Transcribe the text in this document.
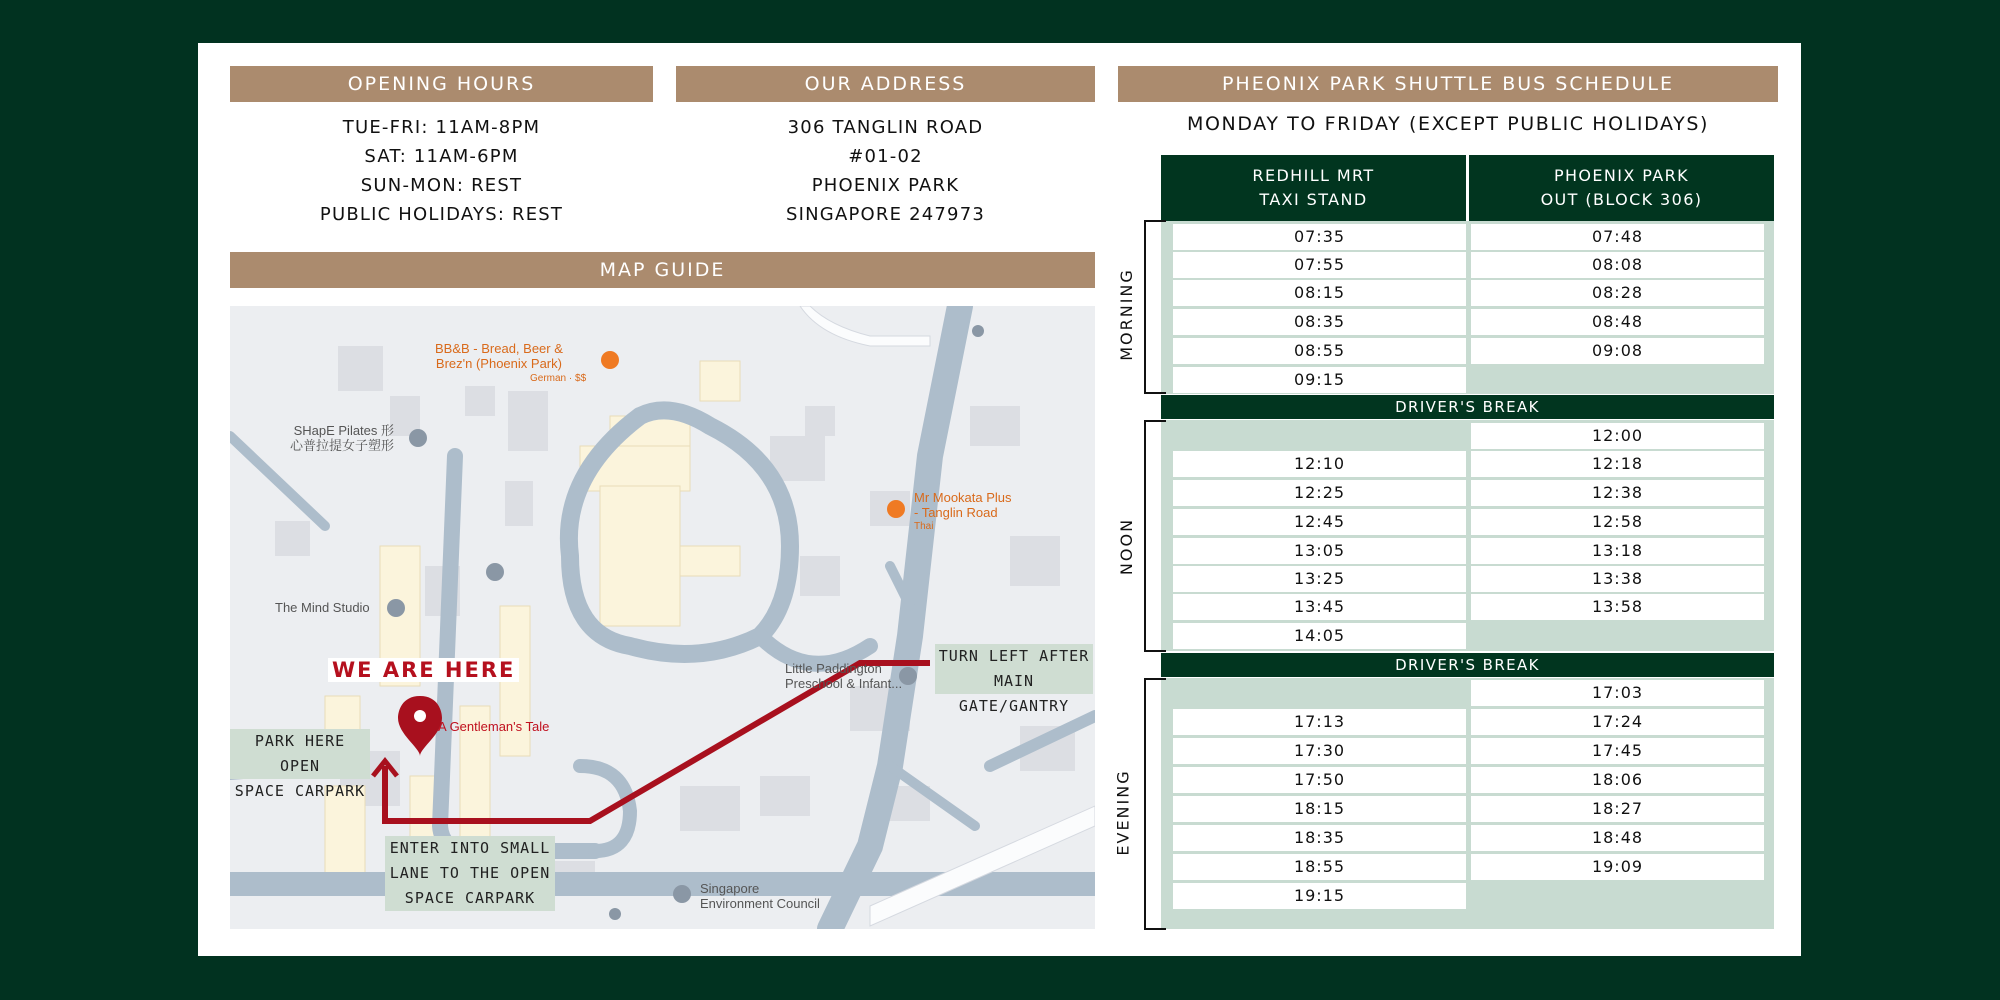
OPENING HOURS
TUE-FRI: 11AM-8PM
SAT: 11AM-6PM
SUN-MON: REST
PUBLIC HOLIDAYS: REST
OUR ADDRESS
306 TANGLIN ROAD
#01-02
PHOENIX PARK
SINGAPORE 247973
MAP GUIDE
BB&B - Bread, Beer &
Brez'n (Phoenix Park)
German · $$
SHapE Pilates 形
心普拉提女子塑形
Mr Mookata Plus
- Tanglin Road
Thai
The Mind Studio
Little Paddington
Preschool & Infant...
A Gentleman's Tale
Singapore
Environment Council
WE ARE HERE
TURN LEFT AFTER
MAIN GATE/GANTRY
PARK HERE OPEN
SPACE CARPARK
ENTER INTO SMALL
LANE TO THE OPEN
SPACE CARPARK
PHEONIX PARK SHUTTLE BUS SCHEDULE
MONDAY TO FRIDAY (EXCEPT PUBLIC HOLIDAYS)
REDHILL MRT
TAXI STAND
PHOENIX PARK
OUT (BLOCK 306)
DRIVER'S BREAK
DRIVER'S BREAK
MORNING
NOON
EVENING
07:35
07:55
08:15
08:35
08:55
09:15
07:48
08:08
08:28
08:48
09:08
12:10
12:25
12:45
13:05
13:25
13:45
14:05
12:00
12:18
12:38
12:58
13:18
13:38
13:58
17:13
17:30
17:50
18:15
18:35
18:55
19:15
17:03
17:24
17:45
18:06
18:27
18:48
19:09
